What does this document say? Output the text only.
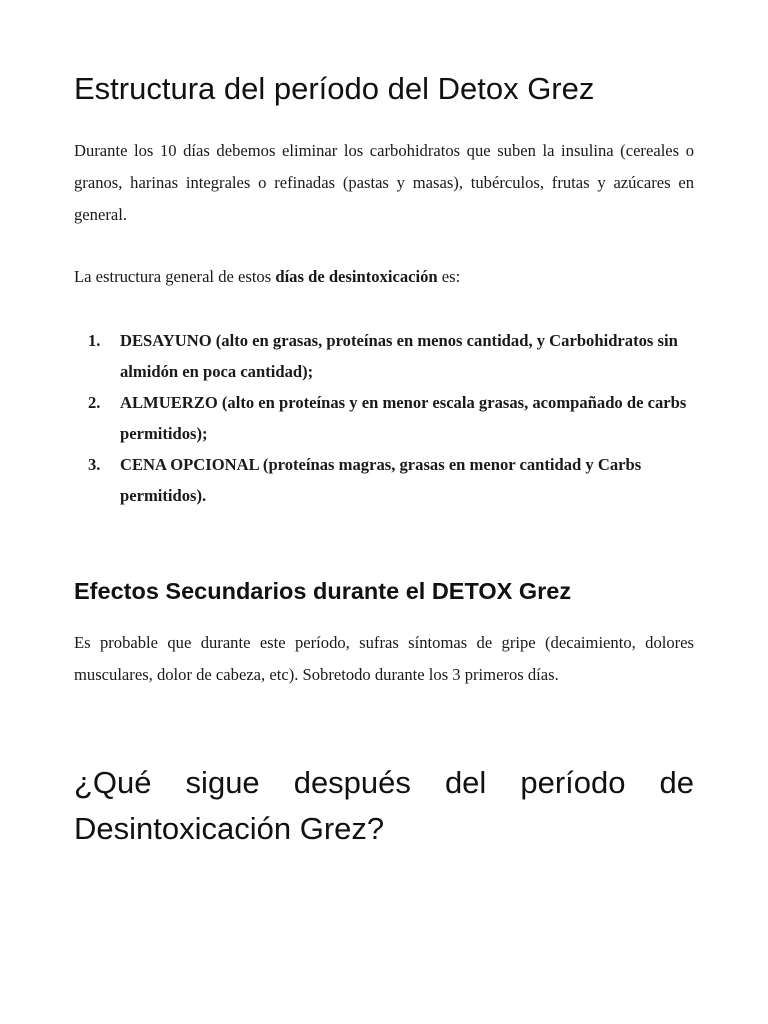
Estructura del período del Detox Grez

Durante los 10 días debemos eliminar los carbohidratos que suben la insulina (cereales o granos, harinas integrales o refinadas (pastas y masas), tubérculos, frutas y azúcares en general.

La estructura general de estos días de desintoxicación es:

1. DESAYUNO (alto en grasas, proteínas en menos cantidad, y Carbohidratos sin almidón en poca cantidad);
2. ALMUERZO (alto en proteínas y en menor escala grasas, acompañado de carbs permitidos);
3. CENA OPCIONAL (proteínas magras, grasas en menor cantidad y Carbs permitidos).
Efectos Secundarios durante el DETOX Grez

Es probable que durante este período, sufras síntomas de gripe (decaimiento, dolores musculares, dolor de cabeza, etc). Sobretodo durante los 3 primeros días.

¿Qué sigue después del período de
Desintoxicación Grez?
